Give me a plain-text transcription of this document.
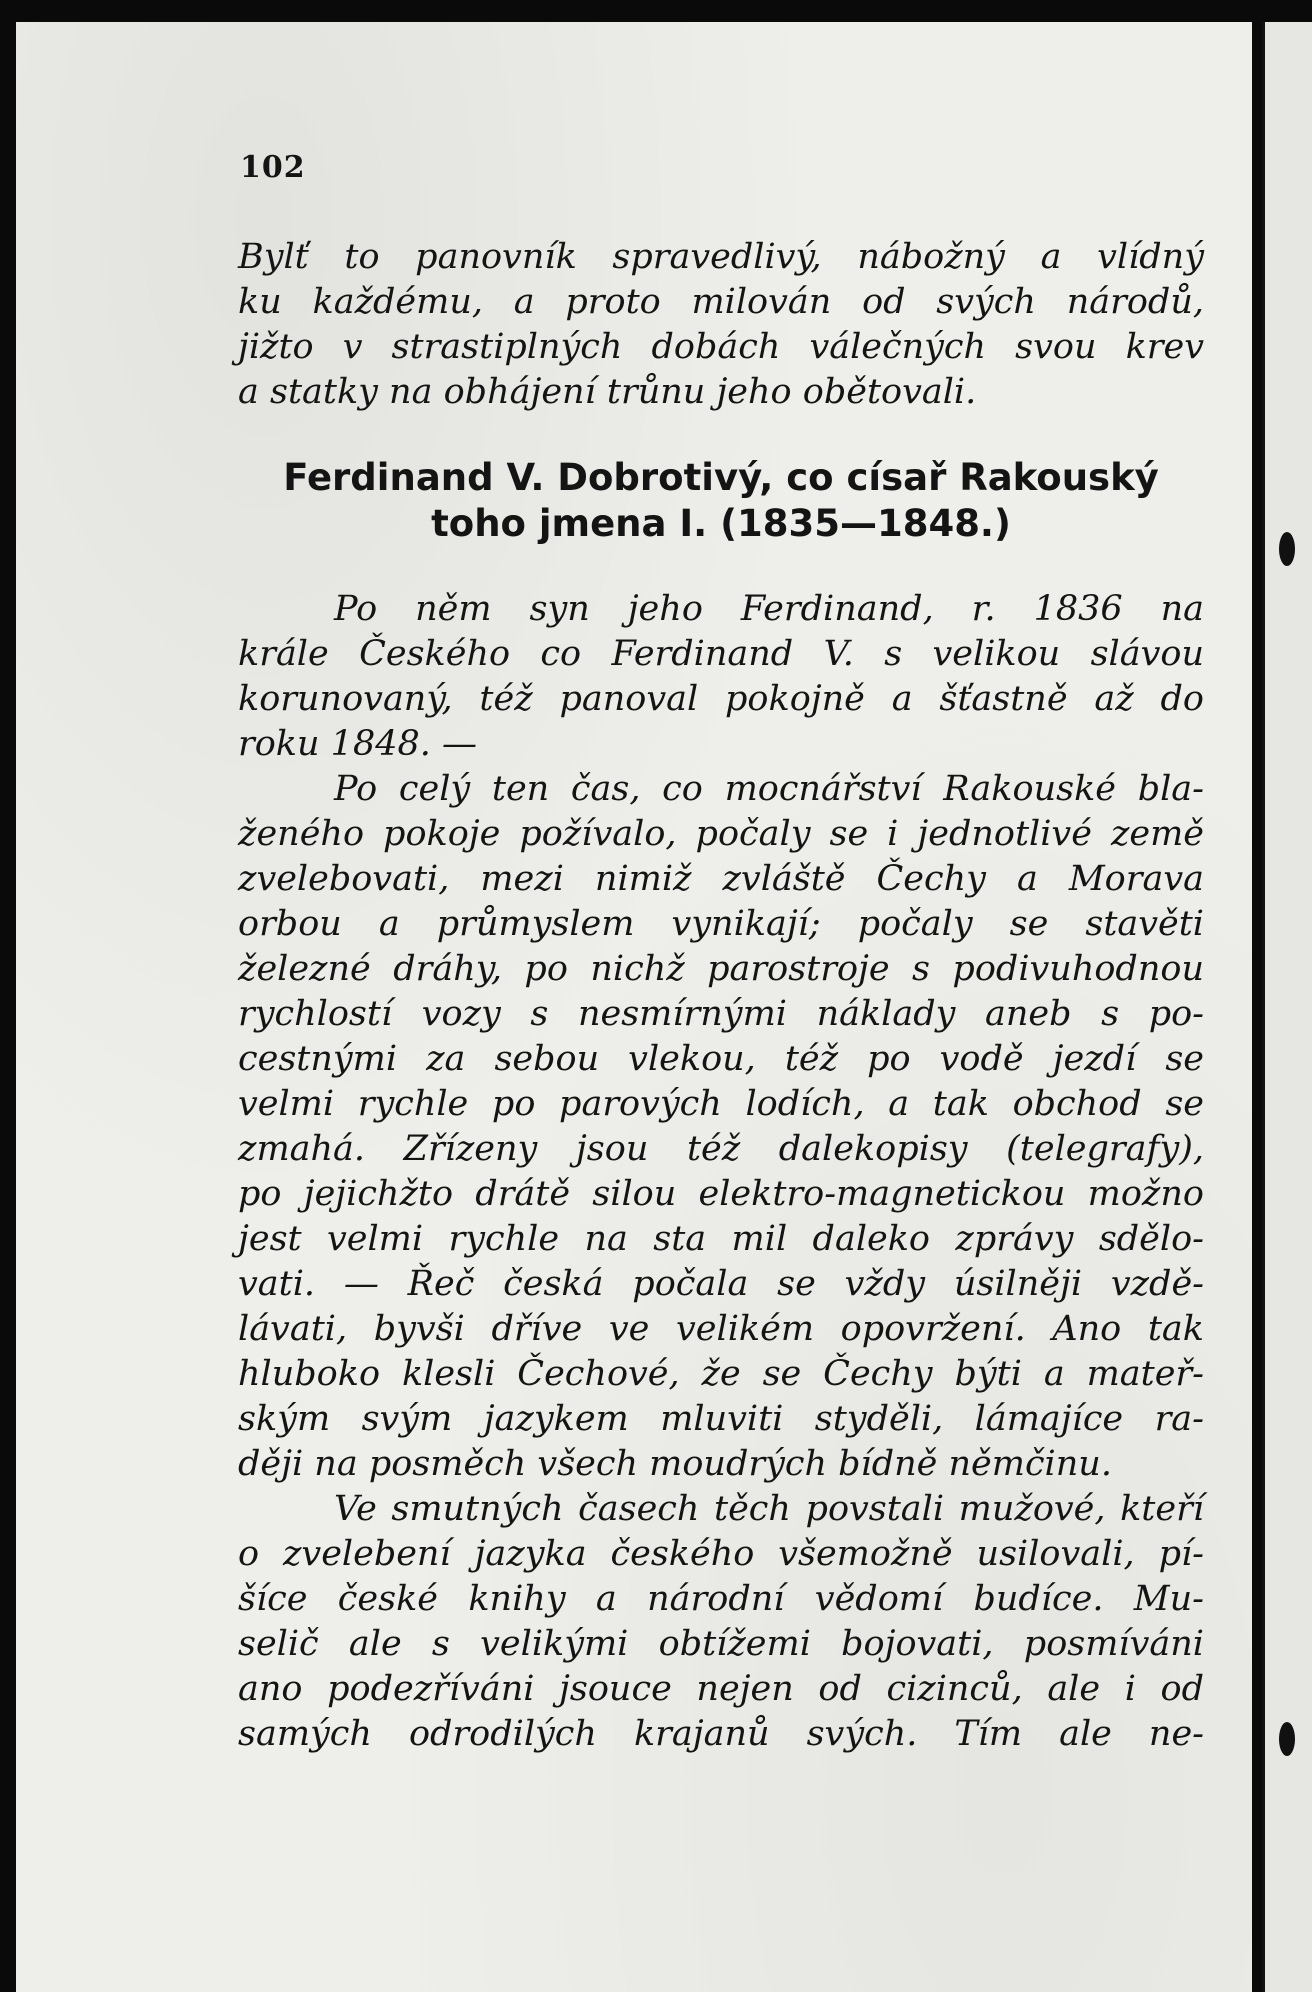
102
Bylť to panovník spravedlivý, nábožný a vlídný
ku každému, a proto milován od svých národů,
jižto v strastiplných dobách válečných svou krev
a statky na obhájení trůnu jeho obětovali.
Ferdinand V. Dobrotivý, co císař Rakouský
toho jmena I. (1835—1848.)
Po něm syn jeho Ferdinand, r. 1836 na
krále Českého co Ferdinand V. s velikou slávou
korunovaný, též panoval pokojně a šťastně až do
roku 1848. —
Po celý ten čas, co mocnářství Rakouské bla-
ženého pokoje požívalo, počaly se i jednotlivé země
zvelebovati, mezi nimiž zvláště Čechy a Morava
orbou a průmyslem vynikají; počaly se stavěti
železné dráhy, po nichž parostroje s podivuhodnou
rychlostí vozy s nesmírnými náklady aneb s po-
cestnými za sebou vlekou, též po vodě jezdí se
velmi rychle po parových lodích, a tak obchod se
zmahá. Zřízeny jsou též dalekopisy (telegrafy),
po jejichžto drátě silou elektro-magnetickou možno
jest velmi rychle na sta mil daleko zprávy sdělo-
vati. — Řeč česká počala se vždy úsilněji vzdě-
lávati, byvši dříve ve velikém opovržení. Ano tak
hluboko klesli Čechové, že se Čechy býti a mateř-
ským svým jazykem mluviti styděli, lámajíce ra-
ději na posměch všech moudrých bídně němčinu.
Ve smutných časech těch povstali mužové, kteří
o zvelebení jazyka českého všemožně usilovali, pí-
šíce české knihy a národní vědomí budíce. Mu-
selič ale s velikými obtížemi bojovati, posmíváni
ano podezříváni jsouce nejen od cizinců, ale i od
samých odrodilých krajanů svých. Tím ale ne-
